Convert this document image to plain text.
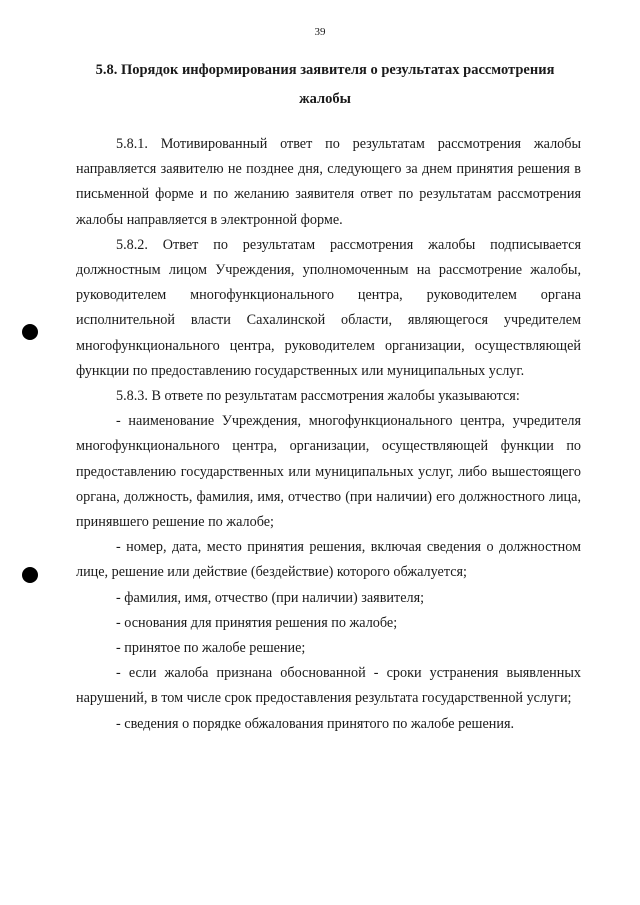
39
5.8. Порядок информирования заявителя о результатах рассмотрения
жалобы

5.8.1. Мотивированный ответ по результатам рассмотрения жалобы направляется заявителю не позднее дня, следующего за днем принятия решения в письменной форме и по желанию заявителя ответ по результатам рассмотрения жалобы направляется в электронной форме.

5.8.2. Ответ по результатам рассмотрения жалобы подписывается должностным лицом Учреждения, уполномоченным на рассмотрение жалобы, руководителем многофункционального центра, руководителем органа исполнительной власти Сахалинской области, являющегося учредителем многофункционального центра, руководителем организации, осуществляющей функции по предоставлению государственных или муниципальных услуг.

5.8.3. В ответе по результатам рассмотрения жалобы указываются:

- наименование Учреждения, многофункционального центра, учредителя многофункционального центра, организации, осуществляющей функции по предоставлению государственных или муниципальных услуг, либо вышестоящего органа, должность, фамилия, имя, отчество (при наличии) его должностного лица, принявшего решение по жалобе;

- номер, дата, место принятия решения, включая сведения о должностном лице, решение или действие (бездействие) которого обжалуется;

- фамилия, имя, отчество (при наличии) заявителя;

- основания для принятия решения по жалобе;

- принятое по жалобе решение;

- если жалоба признана обоснованной - сроки устранения выявленных нарушений, в том числе срок предоставления результата государственной услуги;

- сведения о порядке обжалования принятого по жалобе решения.
